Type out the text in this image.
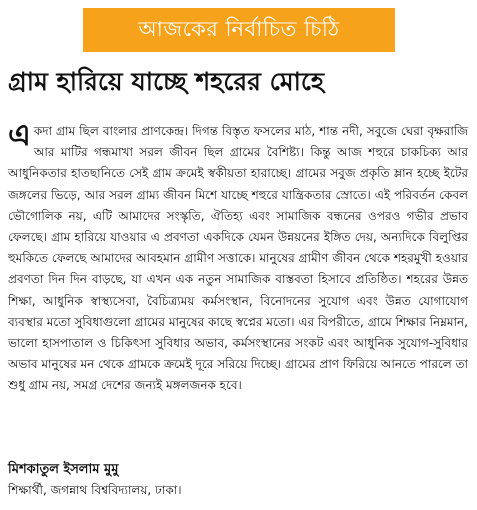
আজকের নির্বাচিত চিঠি
গ্রাম হারিয়ে যাচ্ছে শহরের মোহে
একদা গ্রাম ছিল বাংলার প্রাণকেন্দ্র। দিগন্ত বিস্তৃত ফসলের মাঠ, শান্ত নদী, সবুজে ঘেরা বৃক্ষরাজি আর মাটির গন্ধমাখা সরল জীবন ছিল গ্রামের বৈশিষ্ট্য। কিন্তু আজ শহুরে চাকচিক্য আর আধুনিকতার হাতছানিতে সেই গ্রাম ক্রমেই স্বকীয়তা হারাচ্ছে। গ্রামের সবুজ প্রকৃতি ম্লান হচ্ছে ইটের জঙ্গলের ভিড়ে, আর সরল গ্রাম্য জীবন মিশে যাচ্ছে শহুরে যান্ত্রিকতার স্রোতে। এই পরিবর্তন কেবল ভৌগোলিক নয়, এটি আমাদের সংস্কৃতি, ঐতিহ্য এবং সামাজিক বন্ধনের ওপরও গভীর প্রভাব ফেলছে। গ্রাম হারিয়ে যাওয়ার এ প্রবণতা একদিকে যেমন উন্নয়নের ইঙ্গিত দেয়, অন্যদিকে বিলুপ্তির হুমকিতে ফেলছে আমাদের আবহমান গ্রামীণ সত্তাকে। মানুষের গ্রামীণ জীবন থেকে শহরমুখী হওয়ার প্রবণতা দিন দিন বাড়ছে, যা এখন এক নতুন সামাজিক বাস্তবতা হিসাবে প্রতিষ্ঠিত। শহরের উন্নত শিক্ষা, আধুনিক স্বাস্থ্যসেবা, বৈচিত্র্যময় কর্মসংস্থান, বিনোদনের সুযোগ এবং উন্নত যোগাযোগ ব্যবস্থার মতো সুবিধাগুলো গ্রামের মানুষের কাছে স্বপ্নের মতো। এর বিপরীতে, গ্রামে শিক্ষার নিম্নমান, ভালো হাসপাতাল ও চিকিৎসা সুবিধার অভাব, কর্মসংস্থানের সংকট এবং আধুনিক সুযোগ-সুবিধার অভাব মানুষের মন থেকে গ্রামকে ক্রমেই দূরে সরিয়ে দিচ্ছে। গ্রামের প্রাণ ফিরিয়ে আনতে পারলে তা শুধু গ্রাম নয়, সমগ্র দেশের জন্যই মঙ্গলজনক হবে।
মিশকাতুল ইসলাম মুমু
শিক্ষার্থী, জগন্নাথ বিশ্ববিদ্যালয়, ঢাকা।
